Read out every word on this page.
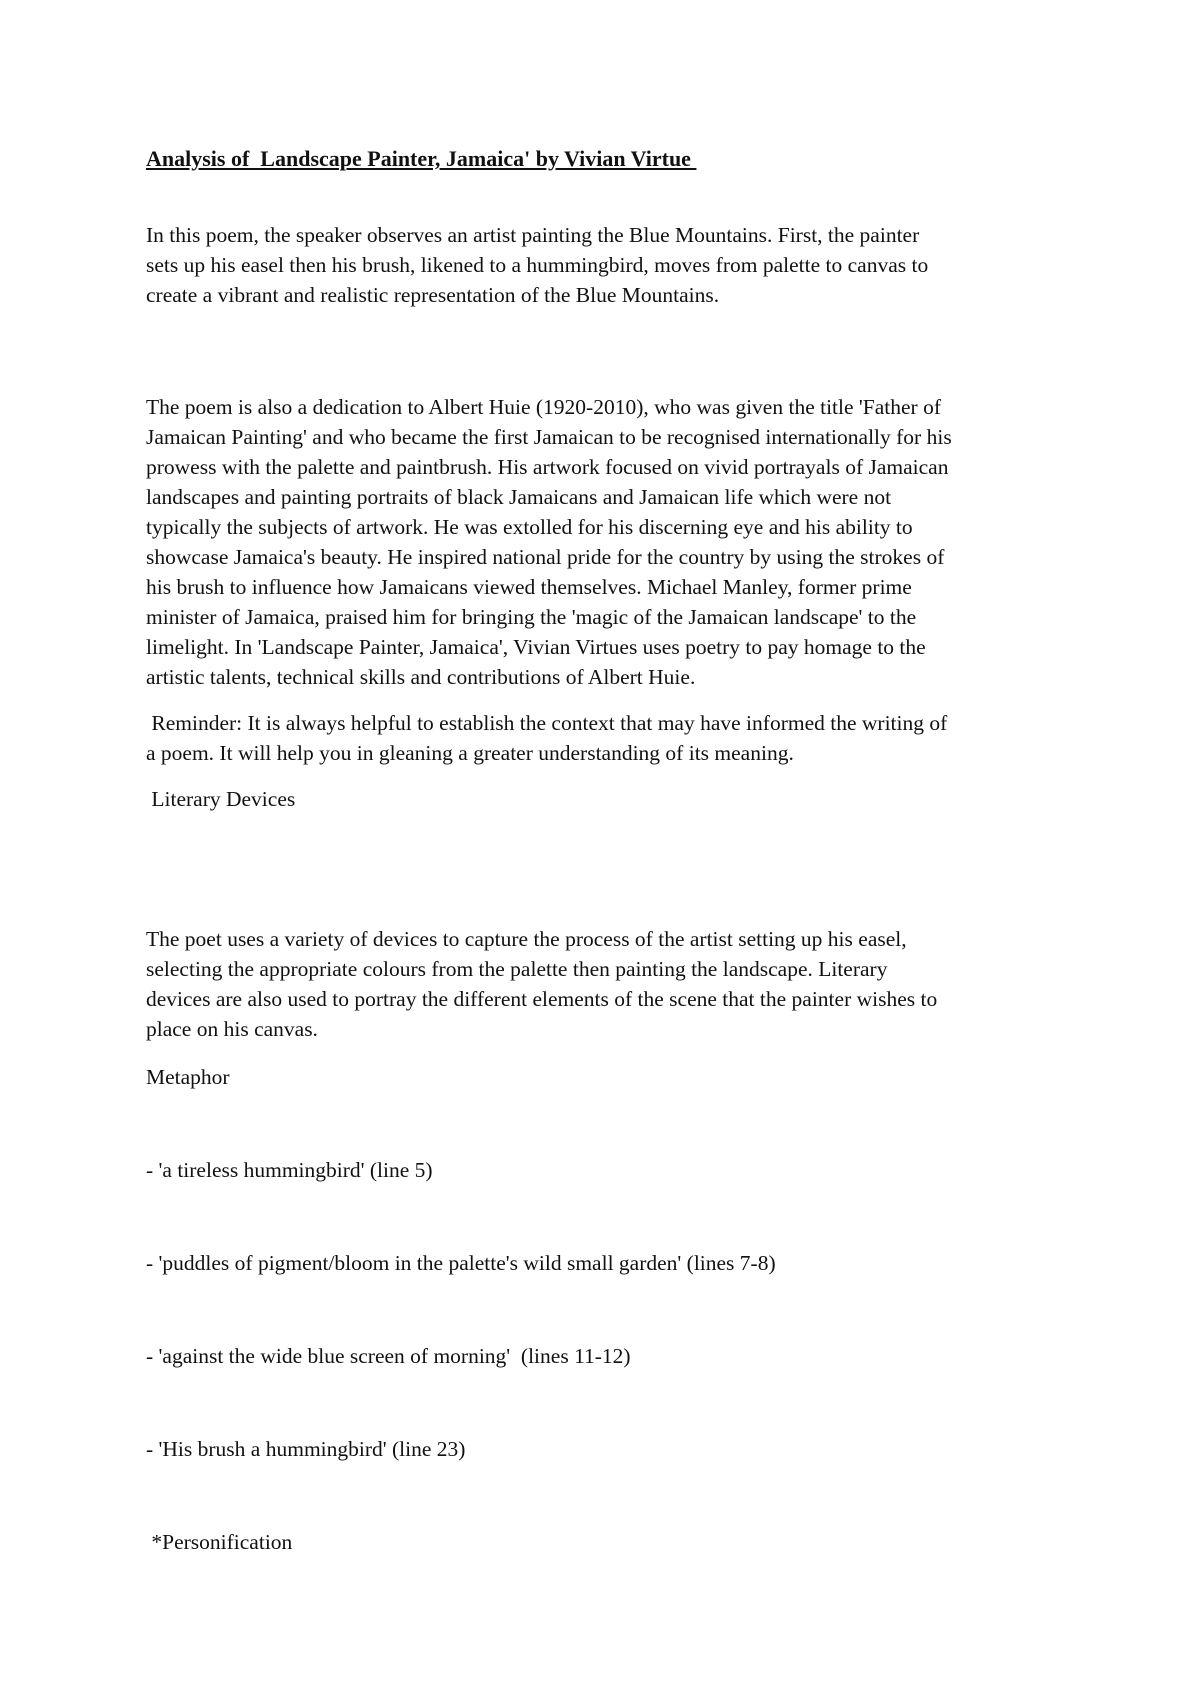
Analysis of  Landscape Painter, Jamaica' by Vivian Virtue
In this poem, the speaker observes an artist painting the Blue Mountains. First, the painter
sets up his easel then his brush, likened to a hummingbird, moves from palette to canvas to
create a vibrant and realistic representation of the Blue Mountains.
The poem is also a dedication to Albert Huie (1920-2010), who was given the title 'Father of
Jamaican Painting' and who became the first Jamaican to be recognised internationally for his
prowess with the palette and paintbrush. His artwork focused on vivid portrayals of Jamaican
landscapes and painting portraits of black Jamaicans and Jamaican life which were not
typically the subjects of artwork. He was extolled for his discerning eye and his ability to
showcase Jamaica's beauty. He inspired national pride for the country by using the strokes of
his brush to influence how Jamaicans viewed themselves. Michael Manley, former prime
minister of Jamaica, praised him for bringing the 'magic of the Jamaican landscape' to the
limelight. In 'Landscape Painter, Jamaica', Vivian Virtues uses poetry to pay homage to the
artistic talents, technical skills and contributions of Albert Huie.
Reminder: It is always helpful to establish the context that may have informed the writing of
a poem. It will help you in gleaning a greater understanding of its meaning.

Literary Devices

The poet uses a variety of devices to capture the process of the artist setting up his easel,
selecting the appropriate colours from the palette then painting the landscape. Literary
devices are also used to portray the different elements of the scene that the painter wishes to
place on his canvas.

Metaphor

- 'a tireless hummingbird' (line 5)

- 'puddles of pigment/bloom in the palette's wild small garden' (lines 7-8)

- 'against the wide blue screen of morning'  (lines 11-12)

- 'His brush a hummingbird' (line 23)

*Personification
